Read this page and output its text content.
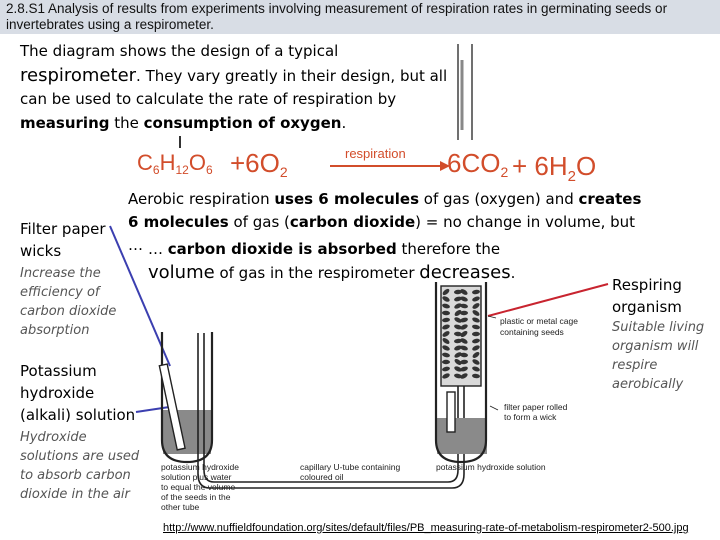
2.8.S1 Analysis of results from experiments involving measurement of respiration rates in germinating seeds or invertebrates using a respirometer.
The diagram shows the design of a typical respirometer. They vary greatly in their design, but all can be used to calculate the rate of respiration by measuring the consumption of oxygen.
C6H12O6 +6O2
respiration $6CO2 + 6H_2O$
plastic or metal cage
containing seeds
filter paper rolled
to form a wick
potassium hydroxide
solution plus water
to equal the volume
of the seeds in the
other tube
capillary U-tube containing
coloured oil
potassium hydroxide solution
Aerobic respiration uses 6 molecules of gas (oxygen) and creates 6 molecules of gas (carbon dioxide) = no change in volume, but … … carbon dioxide is absorbed therefore the volume of gas in the respirometer decreases.
Filter paper wicks
Increase the efficiency of carbon dioxide absorption
Potassium hydroxide (alkali) solution
Hydroxide solutions are used to absorb carbon dioxide in the air
Respiring organism
Suitable living organism will respire aerobically
http://www.nuffieldfoundation.org/sites/default/files/PB_measuring-rate-of-metabolism-respirometer2-500.jpg
